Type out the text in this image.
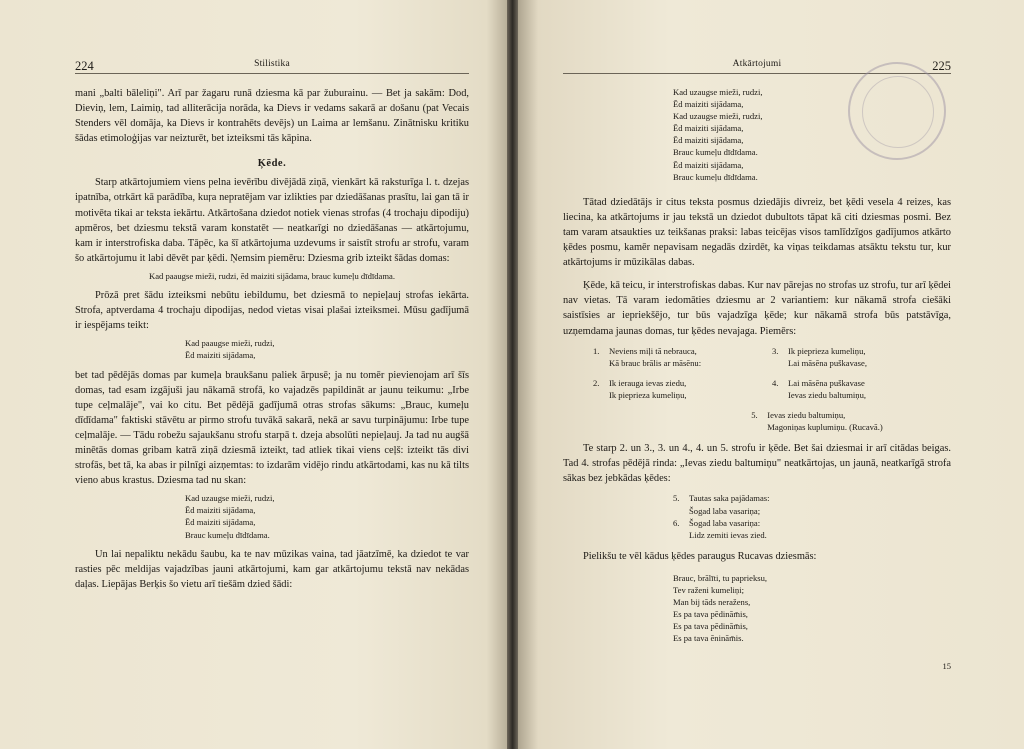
224	Stilistika

mani „balti bāleliņi". Arī par žagaru runā dziesma kā par žuburainu. — Bet ja sakām: Dod, Dieviņ, lem, Laimiņ, tad alliterācija norāda, ka Dievs ir vedams sakarā ar došanu (pat Vecais Stenders vēl domāja, ka Dievs ir kontrahēts devējs) un Laima ar lemšanu. Zinātnisku kritiku šādas etimoloģijas var neizturēt, bet izteiksmi tās kāpina.

Ķēde.

Starp atkārtojumiem viens pelna ievērību divējādā ziņā, vienkārt kā raksturīga l. t. dzejas ipatnība, otrkārt kā parādība, kuŗa nepratējam var izlikties par dziedāšanas prasītu, lai gan tā ir motivēta tikai ar teksta iekārtu. Atkārtošana dziedot notiek vienas strofas (4 trochaju dipodiju) apmēros, bet dziesmu tekstā varam konstatēt — neatkarīgi no dziedāšanas — atkārtojumu, kam ir interstrofiska daba. Tāpēc, ka šī atkārtojuma uzdevums ir saistīt strofu ar strofu, varam šo atkārtojumu it labi dēvēt par ķēdi. Ņemsim piemēru: Dziesma grib izteikt šādas domas:

Kad paaugse mieži, rudzi, ēd maiziti sijādama, brauc kumeļu dīdīdama.

Prōzā pret šādu izteiksmi nebūtu iebildumu, bet dziesmā to nepieļauj strofas iekārta. Strofa, aptverdama 4 trochaju dipodijas, nedod vietas visai plašai izteiksmei. Mūsu gadījumā ir iespējams teikt:

Kad paaugse mieži, rudzi,
Ēd maiziti sijādama,

bet tad pēdējās domas par kumeļa braukšanu paliek ārpusē; ja nu tomēr pievienojam arī šīs domas, tad esam izgājuši jau nākamā strofā, ko vajadzēs papildināt ar jaunu teikumu: „Irbe tupe ceļmalāje", vai ko citu. Bet pēdējā gadījumā otras strofas sākums: „Brauc, kumeļu dīdīdama" faktiski stāvētu ar pirmo strofu tuvākā sakarā, nekā ar savu turpinājumu: Irbe tupe ceļmalāje. — Tādu robežu sajaukšanu strofu starpā t. dzeja absolūti nepieļauj. Ja tad nu augšā minētās domas gribam katrā ziņā dziesmā izteikt, tad atliek tikai viens ceļš: izteikt tās divi strofās, bet tā, ka abas ir pilnīgi aizņemtas: to izdarām vidējo rindu atkārtodami, kas nu kā tilts vieno abus krastus. Dziesma tad nu skan:

Kad uzaugse mieži, rudzi,
Ēd maiziti sijādama,
Ēd maiziti sijādama,
Brauc kumeļu dīdīdama.

Un lai nepaliktu nekādu šaubu, ka te nav mūzikas vaina, tad jāatzīmē, ka dziedot te var rasties pēc meldijas vajadzības jauni atkārtojumi, kam gar atkārtojumu tekstā nav nekādas daļas. Liepājas Berķis šo vietu arī tiešām dzied šādi:

Atkārtojumi	225
Kad uzaugse mieži, rudzi,
Ēd maiziti sijādama,
Kad uzaugse mieži, rudzi,
Ēd maiziti sijādama,
Ēd maiziti sijādama,
Brauc kumeļu dīdīdama.
Ēd maiziti sijādama,
Brauc kumeļu dīdīdama.

Tātad dziedātājs ir citus teksta posmus dziedājis divreiz, bet ķēdi vesela 4 reizes, kas liecina, ka atkārtojums ir jau tekstā un dziedot dubultots tāpat kā citi dziesmas posmi. Bez tam varam atsaukties uz teikšanas praksi: labas teicējas visos tamlīdzīgos gadījumos atkārto ķēdes posmu, kamēr nepavisam negadās dzirdēt, ka viņas teikdamas atsāktu tekstu tur, kur atkārtojums ir mūzikālas dabas.

Ķēde, kā teicu, ir interstrofiskas dabas. Kur nav pārejas no strofas uz strofu, tur arī ķēdei nav vietas. Tā varam iedomāties dziesmu ar 2 variantiem: kur nākamā strofa ciešāki saistīsies ar iepriekšējo, tur būs vajadzīga ķēde; kur nākamā strofa būs patstāvīga, uzņemdama jaunas domas, tur ķēdes nevajaga. Piemērs:

1.	Neviens miļi tā nebrauca,
Kā brauc brālis ar māsēnu:
2.	Ik ierauga ievas ziedu,
Ik pieprieza kumeliņu,
3.	Ik pieprieza kumeliņu,
Lai māsēna puškavase,
4.	Lai māsēna puškavase
Ievas ziedu baltumiņu,
5.	Ievas ziedu baltumiņu,
Magoniņas kuplumiņu. (Rucavā.)

Te starp 2. un 3., 3. un 4., 4. un 5. strofu ir ķēde. Bet šai dziesmai ir arī citādas beigas. Tad 4. strofas pēdējā rinda: „Ievas ziedu baltumiņu" neatkārtojas, un jaunā, neatkarīgā strofa sākas bez jebkādas ķēdes:

5.	Tautas saka pajādamas:
Šogad laba vasariņa;
6.	Šogad laba vasariņa:
Lidz zemiti ievas zied.

Pielikšu te vēl kādus ķēdes paraugus Rucavas dziesmās:

Brauc, brālīti, tu paprieksu,
Tev raženi kumeliņi;
Man bij tāds neražens,
Es pa tava pēdinām̄is,
Es pa tava pēdinām̄is,
Es pa tava ēninām̄is.
15
